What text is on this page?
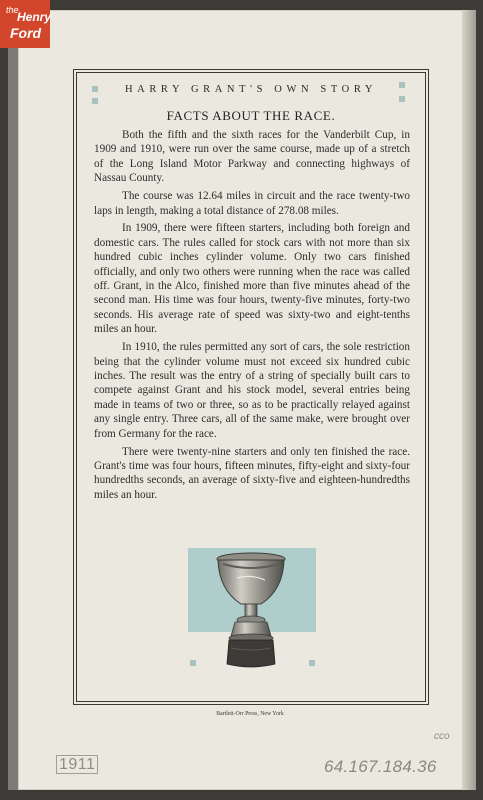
the
Henry
Ford
HARRY GRANT'S OWN STORY
FACTS ABOUT THE RACE.

Both the fifth and the sixth races for the Vanderbilt Cup, in 1909 and 1910, were run over the same course, made up of a stretch of the Long Island Motor Parkway and connecting highways of Nassau County.

The course was 12.64 miles in circuit and the race twenty-two laps in length, making a total distance of 278.08 miles.

In 1909, there were fifteen starters, including both foreign and domestic cars. The rules called for stock cars with not more than six hundred cubic inches cylinder volume. Only two cars finished officially, and only two others were running when the race was called off. Grant, in the Alco, finished more than five minutes ahead of the second man. His time was four hours, twenty-five minutes, forty-two seconds. His average rate of speed was sixty-two and eight-tenths miles an hour.

In 1910, the rules permitted any sort of cars, the sole restriction being that the cylinder volume must not exceed six hundred cubic inches. The result was the entry of a string of specially built cars to compete against Grant and his stock model, several entries being made in teams of two or three, so as to be practically relayed against any single entry. Three cars, all of the same make, were brought over from Germany for the race.

There were twenty-nine starters and only ten finished the race. Grant's time was four hours, fifteen minutes, fifty-eight and sixty-four hundredths seconds, an average of sixty-five and eighteen-hundredths miles an hour.

Bartlett-Orr Press, New York
1911
cco
64.167.184.36
